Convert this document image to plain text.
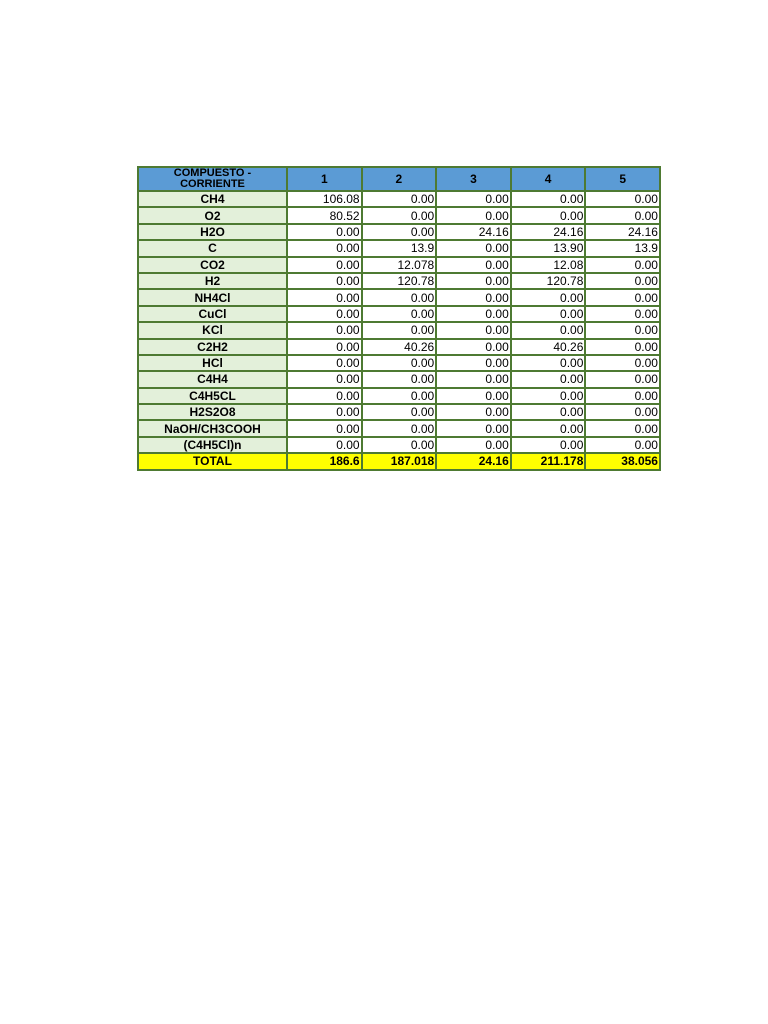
COMPUESTO - CORRIENTE	1	2	3	4	5
CH4	106.08	0.00	0.00	0.00	0.00
O2	80.52	0.00	0.00	0.00	0.00
H2O	0.00	0.00	24.16	24.16	24.16
C	0.00	13.9	0.00	13.90	13.9
CO2	0.00	12.078	0.00	12.08	0.00
H2	0.00	120.78	0.00	120.78	0.00
NH4Cl	0.00	0.00	0.00	0.00	0.00
CuCl	0.00	0.00	0.00	0.00	0.00
KCl	0.00	0.00	0.00	0.00	0.00
C2H2	0.00	40.26	0.00	40.26	0.00
HCl	0.00	0.00	0.00	0.00	0.00
C4H4	0.00	0.00	0.00	0.00	0.00
C4H5CL	0.00	0.00	0.00	0.00	0.00
H2S2O8	0.00	0.00	0.00	0.00	0.00
NaOH/CH3COOH	0.00	0.00	0.00	0.00	0.00
(C4H5Cl)n	0.00	0.00	0.00	0.00	0.00
TOTAL	186.6	187.018	24.16	211.178	38.056
